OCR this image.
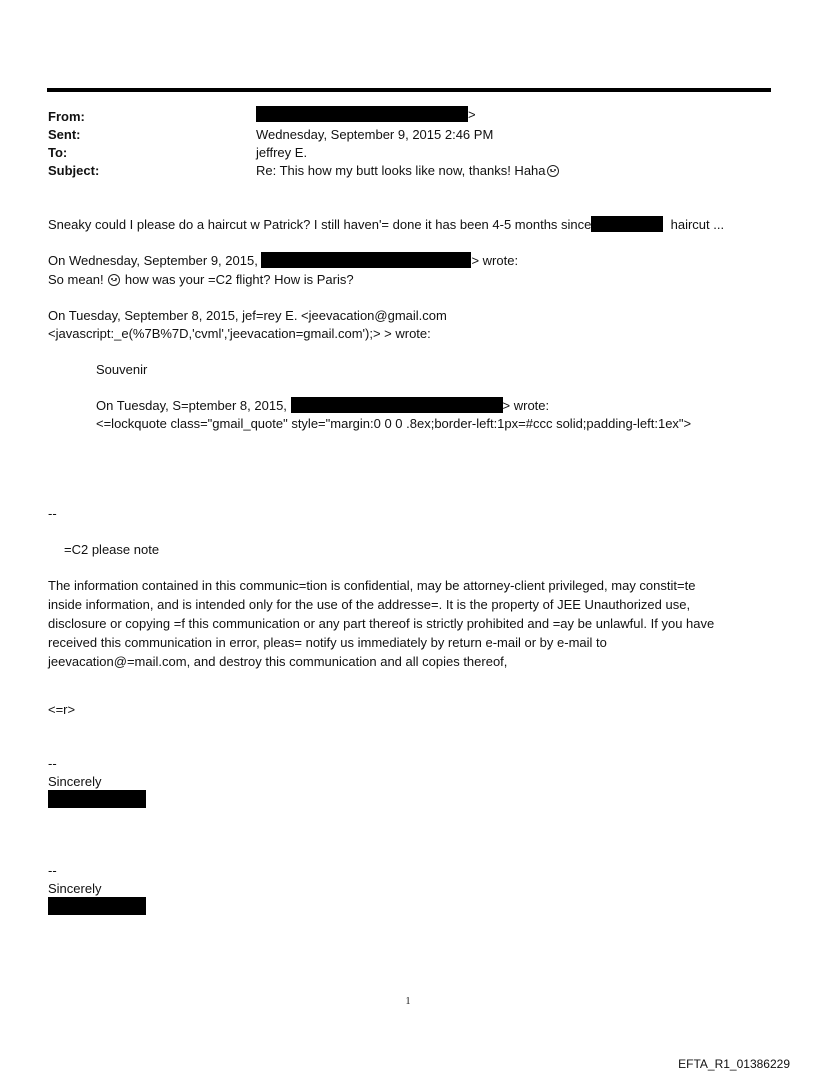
From:	>
Sent:	Wednesday, September 9, 2015 2:46 PM
To:	jeffrey E.
Subject:	Re: This how my butt looks like now, thanks! Haha
Sneaky could I please do a haircut w Patrick? I still haven'= done it has been 4-5 months since	haircut ...
On Wednesday, September 9, 2015,	> wrote:
So mean! how was your =C2 flight? How is Paris?
On Tuesday, September 8, 2015, jef=rey E. <jeevacation@gmail.com
<javascript:_e(%7B%7D,'cvml','jeevacation=gmail.com');> > wrote:
Souvenir
On Tuesday, S=ptember 8, 2015,	> wrote:
<=lockquote class="gmail_quote" style="margin:0 0 0 .8ex;border-left:1px=#ccc solid;padding-left:1ex">
--
=C2 please note
The information contained in this communic=tion is confidential, may be attorney-client privileged, may constit=te
inside information, and is intended only for the use of the addresse=. It is the property of JEE Unauthorized use,
disclosure or copying =f this communication or any part thereof is strictly prohibited and =ay be unlawful. If you have
received this communication in error, pleas= notify us immediately by return e-mail or by e-mail to
jeevacation@=mail.com, and destroy this communication and all copies thereof,
<=r>
--
Sincerely
--
Sincerely
1
EFTA_R1_01386229
